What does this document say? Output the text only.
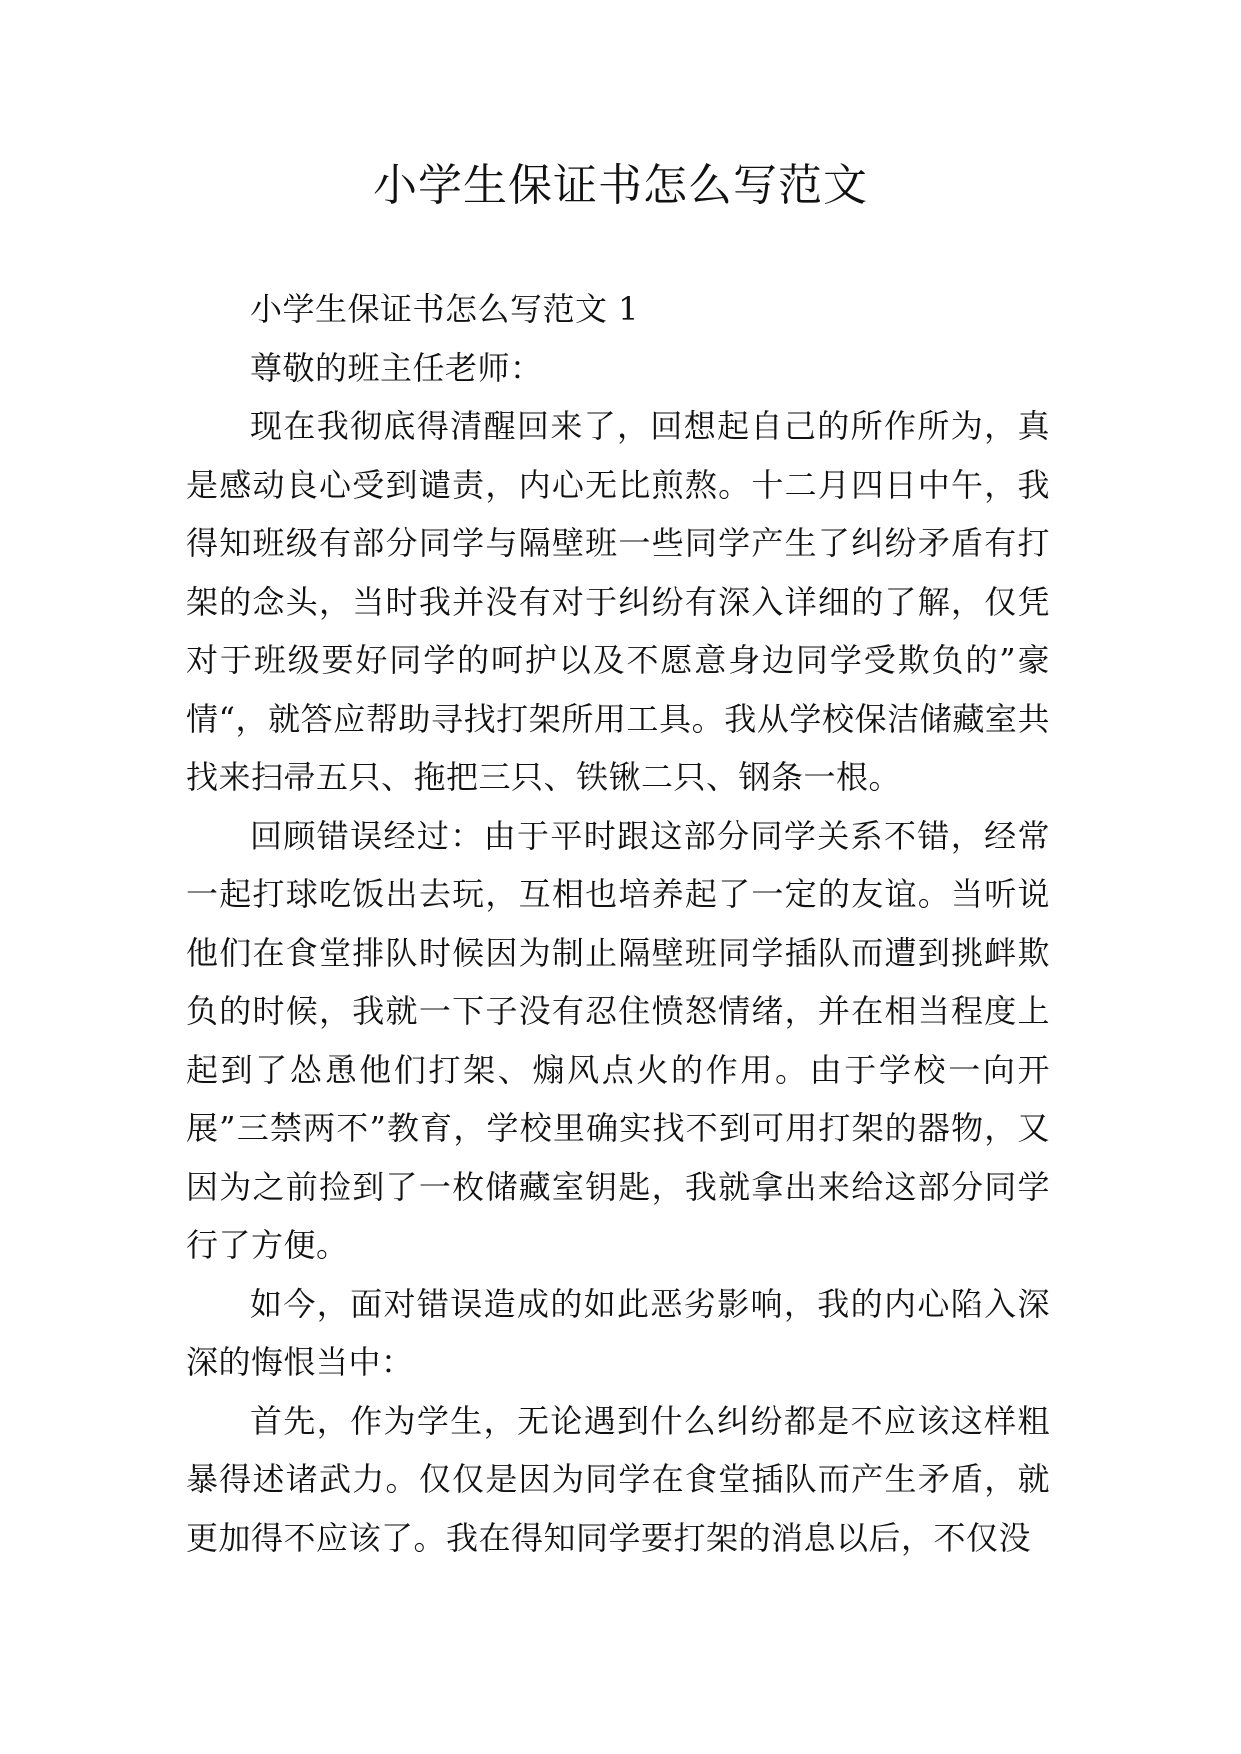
小学生保证书怎么写范文

小学生保证书怎么写范文 1

尊敬的班主任老师：

现在我彻底得清醒回来了，回想起自己的所作所为，真是感动良心受到谴责，内心无比煎熬。十二月四日中午，我得知班级有部分同学与隔壁班一些同学产生了纠纷矛盾有打架的念头，当时我并没有对于纠纷有深入详细的了解，仅凭对于班级要好同学的呵护以及不愿意身边同学受欺负的”豪情“，就答应帮助寻找打架所用工具。我从学校保洁储藏室共找来扫帚五只、拖把三只、铁锹二只、钢条一根。

回顾错误经过：由于平时跟这部分同学关系不错，经常一起打球吃饭出去玩，互相也培养起了一定的友谊。当听说他们在食堂排队时候因为制止隔壁班同学插队而遭到挑衅欺负的时候，我就一下子没有忍住愤怒情绪，并在相当程度上起到了怂恿他们打架、煽风点火的作用。由于学校一向开展”三禁两不”教育，学校里确实找不到可用打架的器物，又因为之前捡到了一枚储藏室钥匙，我就拿出来给这部分同学行了方便。

如今，面对错误造成的如此恶劣影响，我的内心陷入深深的悔恨当中：

首先，作为学生，无论遇到什么纠纷都是不应该这样粗暴得述诸武力。仅仅是因为同学在食堂插队而产生矛盾，就更加得不应该了。我在得知同学要打架的消息以后，不仅没
